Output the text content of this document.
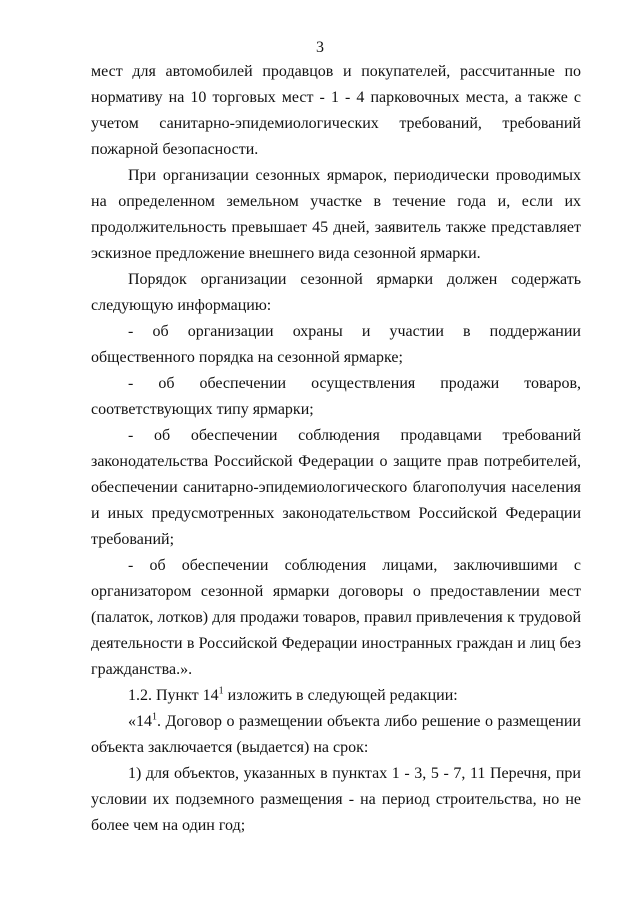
3

мест для автомобилей продавцов и покупателей, рассчитанные по нормативу на 10 торговых мест - 1 - 4 парковочных места, а также с учетом санитарно-эпидемиологических требований, требований пожарной безопасности.

При организации сезонных ярмарок, периодически проводимых на определенном земельном участке в течение года и, если их продолжительность превышает 45 дней, заявитель также представляет эскизное предложение внешнего вида сезонной ярмарки.

Порядок организации сезонной ярмарки должен содержать следующую информацию:

- об организации охраны и участии в поддержании общественного порядка на сезонной ярмарке;

- об обеспечении осуществления продажи товаров, соответствующих типу ярмарки;

- об обеспечении соблюдения продавцами требований законодательства Российской Федерации о защите прав потребителей, обеспечении санитарно-эпидемиологического благополучия населения и иных предусмотренных законодательством Российской Федерации требований;

- об обеспечении соблюдения лицами, заключившими с организатором сезонной ярмарки договоры о предоставлении мест (палаток, лотков) для продажи товаров, правил привлечения к трудовой деятельности в Российской Федерации иностранных граждан и лиц без гражданства.».

1.2. Пункт $14^1$ изложить в следующей редакции:

«$14^1$. Договор о размещении объекта либо решение о размещении объекта заключается (выдается) на срок:

1) для объектов, указанных в пунктах 1 - 3, 5 - 7, 11 Перечня, при условии их подземного размещения - на период строительства, но не более чем на один год;
